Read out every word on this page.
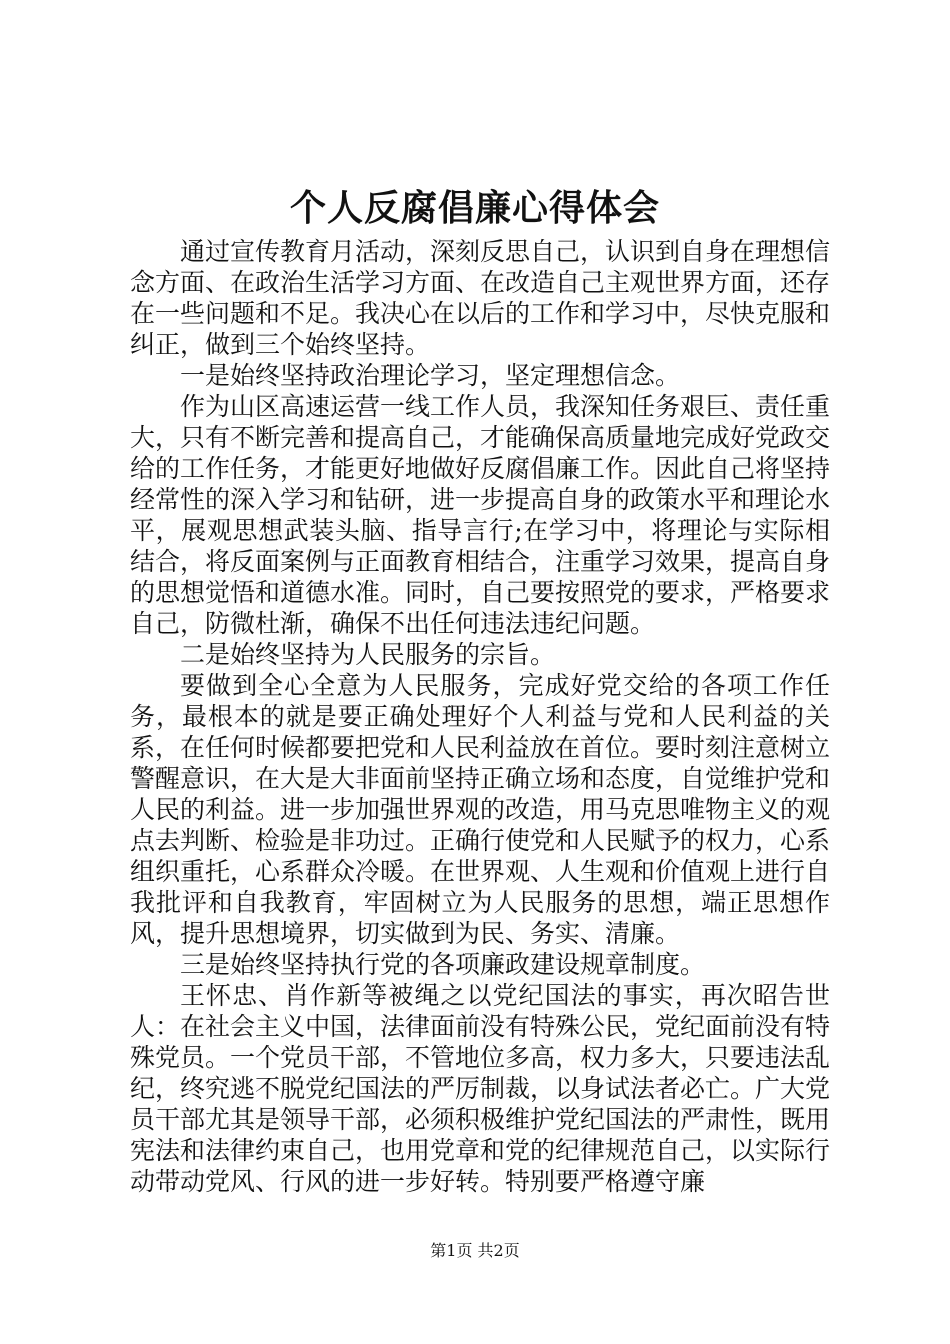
个人反腐倡廉心得体会

通过宣传教育月活动，深刻反思自己，认识到自身在理想信念方面、在政治生活学习方面、在改造自己主观世界方面，还存在一些问题和不足。我决心在以后的工作和学习中，尽快克服和纠正，做到三个始终坚持。

一是始终坚持政治理论学习，坚定理想信念。

作为山区高速运营一线工作人员，我深知任务艰巨、责任重大，只有不断完善和提高自己，才能确保高质量地完成好党政交给的工作任务，才能更好地做好反腐倡廉工作。因此自己将坚持经常性的深入学习和钻研，进一步提高自身的政策水平和理论水平，展观思想武装头脑、指导言行;在学习中，将理论与实际相结合，将反面案例与正面教育相结合，注重学习效果，提高自身的思想觉悟和道德水准。同时，自己要按照党的要求，严格要求自己，防微杜渐，确保不出任何违法违纪问题。

二是始终坚持为人民服务的宗旨。

要做到全心全意为人民服务，完成好党交给的各项工作任务，最根本的就是要正确处理好个人利益与党和人民利益的关系，在任何时候都要把党和人民利益放在首位。要时刻注意树立警醒意识，在大是大非面前坚持正确立场和态度，自觉维护党和人民的利益。进一步加强世界观的改造，用马克思唯物主义的观点去判断、检验是非功过。正确行使党和人民赋予的权力，心系组织重托，心系群众冷暖。在世界观、人生观和价值观上进行自我批评和自我教育，牢固树立为人民服务的思想，端正思想作风，提升思想境界，切实做到为民、务实、清廉。

三是始终坚持执行党的各项廉政建设规章制度。

王怀忠、肖作新等被绳之以党纪国法的事实，再次昭告世人：在社会主义中国，法律面前没有特殊公民，党纪面前没有特殊党员。一个党员干部，不管地位多高，权力多大，只要违法乱纪，终究逃不脱党纪国法的严厉制裁，以身试法者必亡。广大党员干部尤其是领导干部，必须积极维护党纪国法的严肃性，既用宪法和法律约束自己，也用党章和党的纪律规范自己，以实际行动带动党风、行风的进一步好转。特别要严格遵守廉

第1页 共2页
